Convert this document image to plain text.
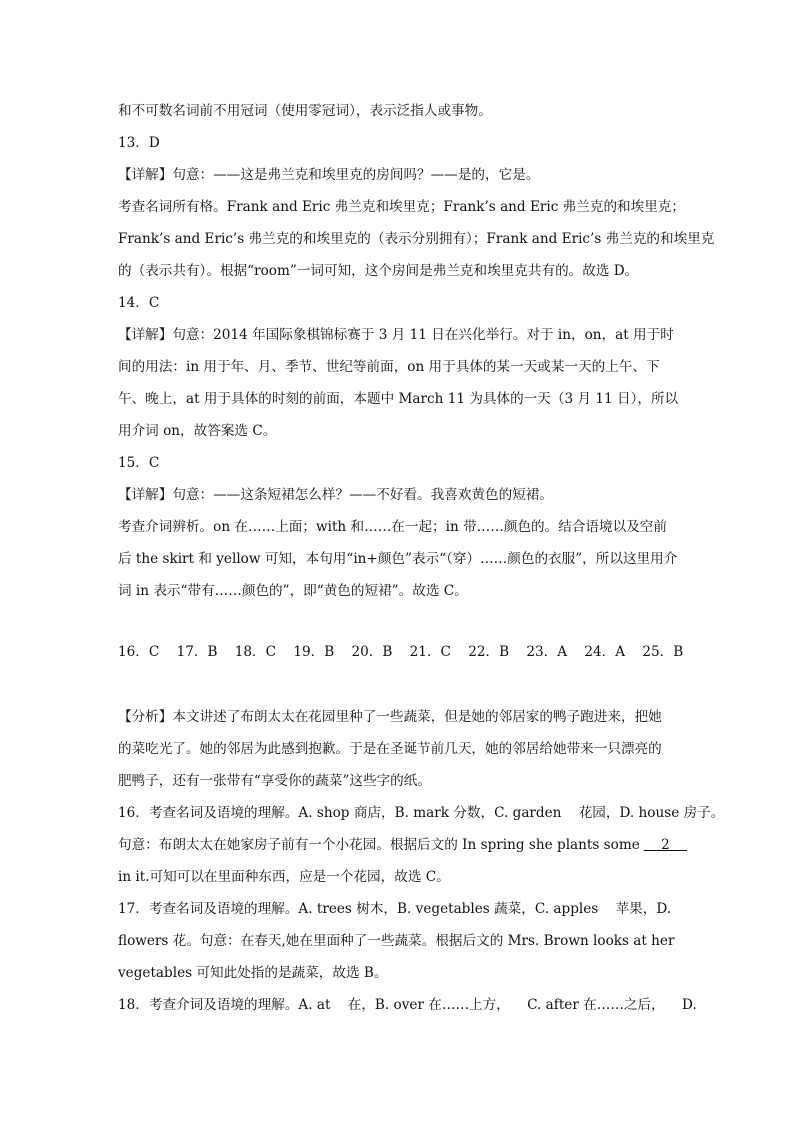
和不可数名词前不用冠词（使用零冠词），表示泛指人或事物。
13．D
【详解】句意：——这是弗兰克和埃里克的房间吗？——是的，它是。
考查名词所有格。Frank and Eric 弗兰克和埃里克；Frank’s and Eric 弗兰克的和埃里克；
Frank’s and Eric’s 弗兰克的和埃里克的（表示分别拥有）；Frank and Eric’s 弗兰克的和埃里克
的（表示共有）。根据“room”一词可知，这个房间是弗兰克和埃里克共有的。故选 D。
14．C
【详解】句意：2014 年国际象棋锦标赛于 3 月 11 日在兴化举行。对于 in，on，at 用于时
间的用法：in 用于年、月、季节、世纪等前面，on 用于具体的某一天或某一天的上午、下
午、晚上，at 用于具体的时刻的前面，本题中 March 11 为具体的一天（3 月 11 日），所以
用介词 on，故答案选 C。
15．C
【详解】句意：——这条短裙怎么样？——不好看。我喜欢黄色的短裙。
考查介词辨析。on 在……上面；with 和……在一起；in 带……颜色的。结合语境以及空前
后 the skirt 和 yellow 可知，本句用“in+颜色”表示“（穿）……颜色的衣服”，所以这里用介
词 in 表示“带有……颜色的”，即“黄色的短裙”。故选 C。
16．C    17．B    18．C    19．B    20．B    21．C    22．B    23．A    24．A    25．B
【分析】本文讲述了布朗太太在花园里种了一些蔬菜，但是她的邻居家的鸭子跑进来，把她
的菜吃光了。她的邻居为此感到抱歉。于是在圣诞节前几天，她的邻居给她带来一只漂亮的
肥鸭子，还有一张带有“享受你的蔬菜”这些字的纸。
16．考查名词及语境的理解。A. shop 商店，B. mark 分数，C. garden    花园，D. house 房子。
句意：布朗太太在她家房子前有一个小花园。根据后文的 In spring she plants some    2
in it.可知可以在里面种东西，应是一个花园，故选 C。
17．考查名词及语境的理解。A. trees 树木，B. vegetables 蔬菜，C. apples    苹果，D.
flowers 花。句意：在春天,她在里面种了一些蔬菜。根据后文的 Mrs. Brown looks at her
vegetables 可知此处指的是蔬菜，故选 B。
18．考查介词及语境的理解。A. at    在，B. over 在……上方，    C. after 在……之后，    D.
